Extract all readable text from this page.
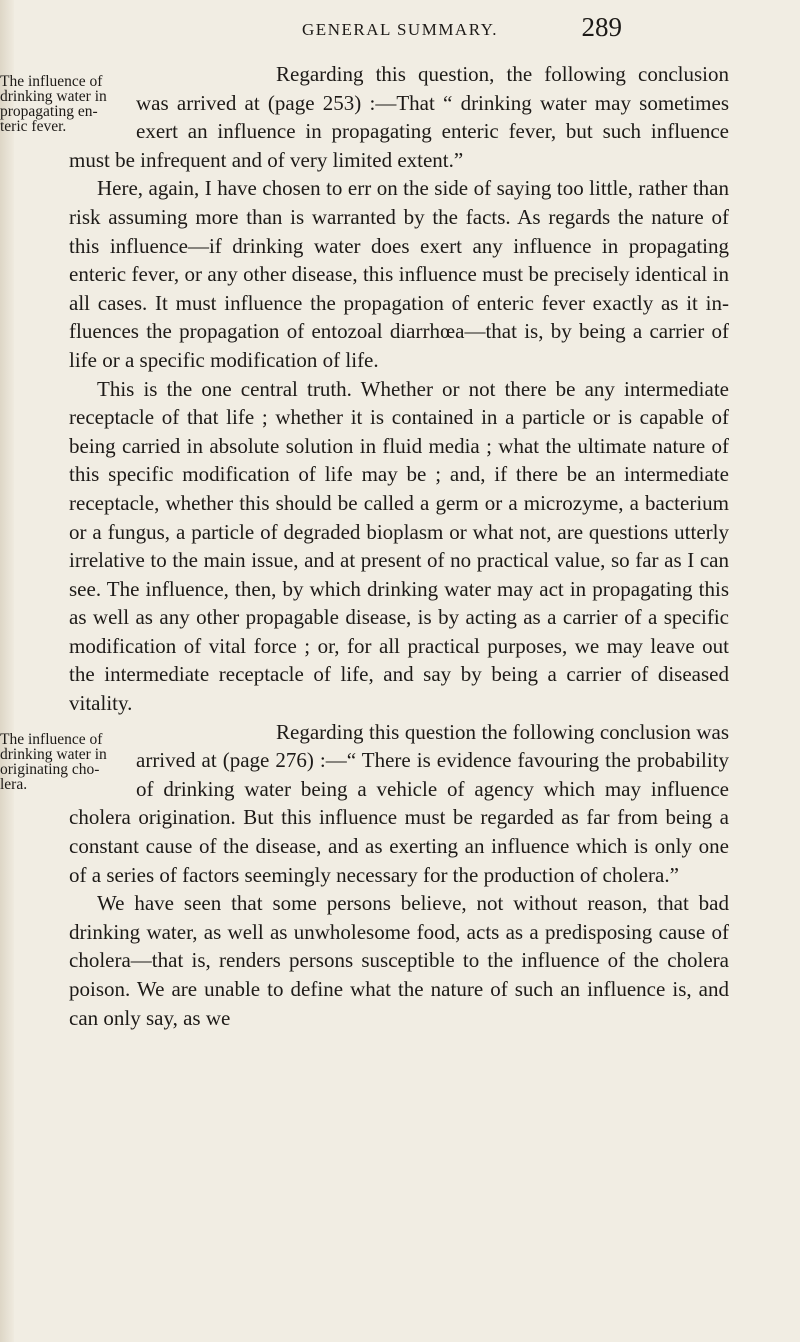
GENERAL SUMMARY.	289
The influence of
drinking water in
propagating en-
teric fever.

Regarding this question, the following conclusion was arrived at (page 253) :—That “ drinking water may sometimes exert an influence in propagating enteric fever, but such influence must be infrequent and of very limited extent.”

Here, again, I have chosen to err on the side of saying too little, rather than risk assuming more than is warranted by the facts. As regards the nature of this influence—if drinking water does exert any influence in propagating enteric fever, or any other disease, this influence must be precisely identical in all cases. It must influence the propagation of enteric fever exactly as it influences the propagation of entozoal diarrhœa—that is, by being a carrier of life or a specific modification of life.

This is the one central truth. Whether or not there be any intermediate receptacle of that life ; whether it is contained in a particle or is capable of being carried in absolute solution in fluid media ; what the ultimate nature of this specific modification of life may be ; and, if there be an intermediate receptacle, whether this should be called a germ or a microzyme, a bacterium or a fungus, a particle of degraded bioplasm or what not, are questions utterly irrelative to the main issue, and at present of no practical value, so far as I can see. The influence, then, by which drinking water may act in propagating this as well as any other propagable disease, is by acting as a carrier of a specific modification of vital force ; or, for all practical purposes, we may leave out the intermediate receptacle of life, and say by being a carrier of diseased vitality.

The influence of
drinking water in
originating cho-
lera.

Regarding this question the following conclusion was arrived at (page 276) :—“ There is evidence favouring the probability of drinking water being a vehicle of agency which may influence cholera origination. But this influence must be regarded as far from being a constant cause of the disease, and as exerting an influence which is only one of a series of factors seemingly necessary for the production of cholera.”

We have seen that some persons believe, not without reason, that bad drinking water, as well as unwholesome food, acts as a predisposing cause of cholera—that is, renders persons susceptible to the influence of the cholera poison. We are unable to define what the nature of such an influence is, and can only say, as we
